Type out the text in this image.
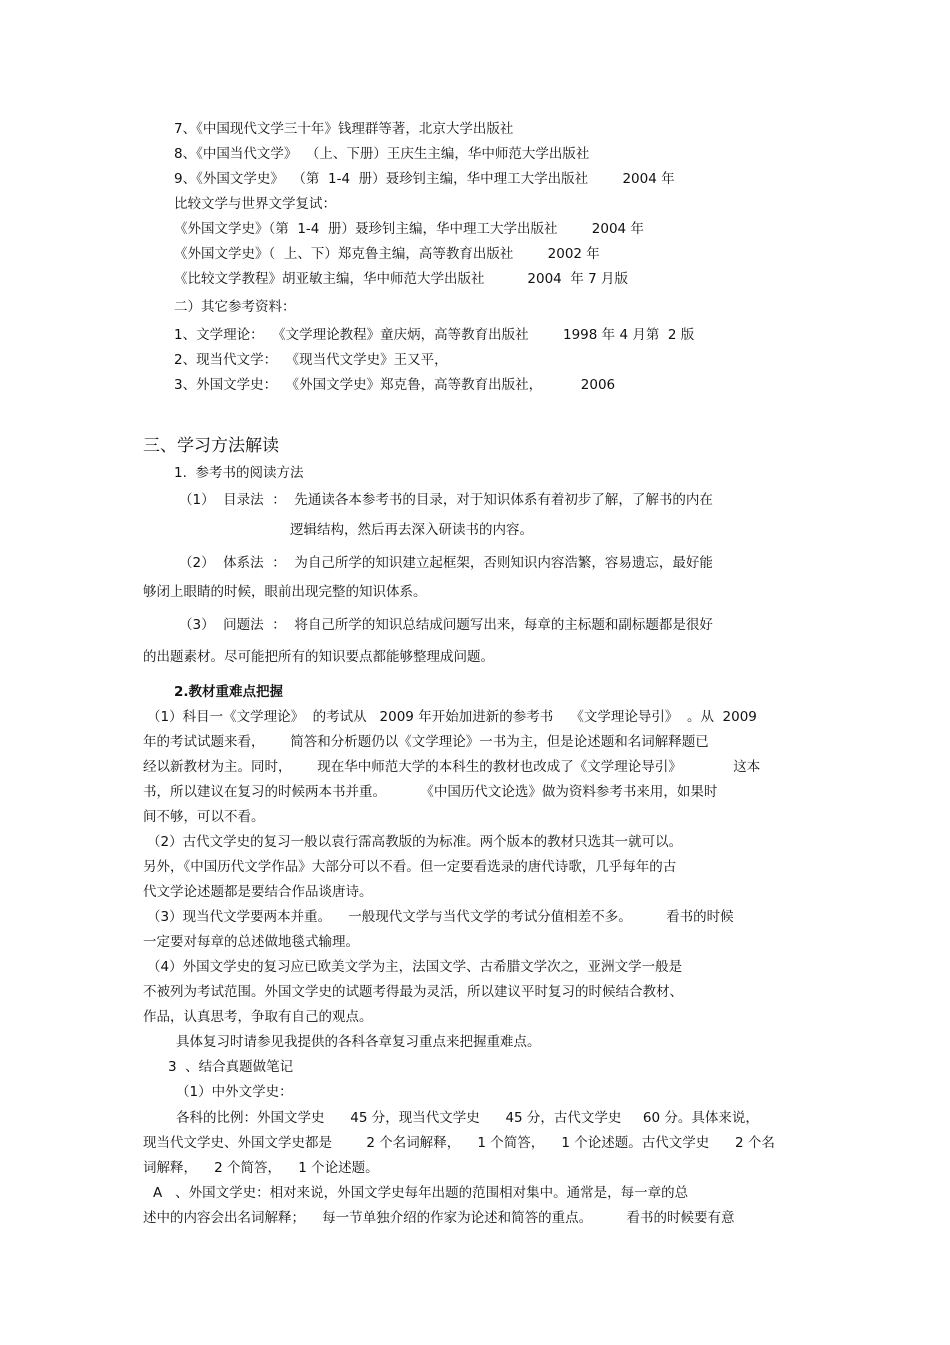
7、《中国现代文学三十年》钱理群等著，北京大学出版社
8、《中国当代文学》  （上、下册）王庆生主编，华中师范大学出版社
9、《外国文学史》  （第  1-4  册）聂珍钊主编，华中理工大学出版社        2004 年
比较文学与世界文学复试：
《外国文学史》（第  1-4  册）聂珍钊主编，华中理工大学出版社        2004 年
《外国文学史》（  上、下）郑克鲁主编，高等教育出版社        2002 年
《比较文学教程》胡亚敏主编，华中师范大学出版社          2004  年 7 月版
二）其它参考资料：
1、文学理论：  《文学理论教程》童庆炳，高等教育出版社        1998 年 4 月第  2 版
2、现当代文学：  《现当代文学史》王又平，
3、外国文学史：  《外国文学史》郑克鲁，高等教育出版社，         2006
三、学习方法解读
1.  参考书的阅读方法
（1）  目录法  ：  先通读各本参考书的目录，对于知识体系有着初步了解，了解书的内在
逻辑结构，然后再去深入研读书的内容。
（2）  体系法  ：  为自己所学的知识建立起框架，否则知识内容浩繁，容易遗忘，最好能
够闭上眼睛的时候，眼前出现完整的知识体系。
（3）  问题法  ：  将自己所学的知识总结成问题写出来，每章的主标题和副标题都是很好
的出题素材。尽可能把所有的知识要点都能够整理成问题。
2.教材重难点把握
（1）科目一《文学理论》  的考试从   2009 年开始加进新的参考书    《文学理论导引》  。从  2009
年的考试试题来看，      简答和分析题仍以《文学理论》一书为主，但是论述题和名词解释题已
经以新教材为主。同时，      现在华中师范大学的本科生的教材也改成了《文学理论导引》            这本
书，所以建议在复习的时候两本书并重。        《中国历代文论选》做为资料参考书来用，如果时
间不够，可以不看。
（2）古代文学史的复习一般以袁行霈高教版的为标准。两个版本的教材只选其一就可以。
另外，《中国历代文学作品》大部分可以不看。但一定要看选录的唐代诗歌，几乎每年的古
代文学论述题都是要结合作品谈唐诗。
（3）现当代文学要两本并重。    一般现代文学与当代文学的考试分值相差不多。        看书的时候
一定要对每章的总述做地毯式输理。
（4）外国文学史的复习应已欧美文学为主，法国文学、古希腊文学次之，亚洲文学一般是
不被列为考试范围。外国文学史的试题考得最为灵活，所以建议平时复习的时候结合教材、
作品，认真思考，争取有自己的观点。
具体复习时请参见我提供的各科各章复习重点来把握重难点。
3  、结合真题做笔记
（1）中外文学史：
各科的比例：外国文学史      45 分，现当代文学史      45 分，古代文学史     60 分。具体来说，
现当代文学史、外国文学史都是        2 个名词解释，    1 个简答，    1 个论述题。古代文学史      2 个名
词解释，    2 个简答，    1 个论述题。
A   、外国文学史：相对来说，外国文学史每年出题的范围相对集中。通常是，每一章的总
述中的内容会出名词解释；    每一节单独介绍的作家为论述和简答的重点。        看书的时候要有意
